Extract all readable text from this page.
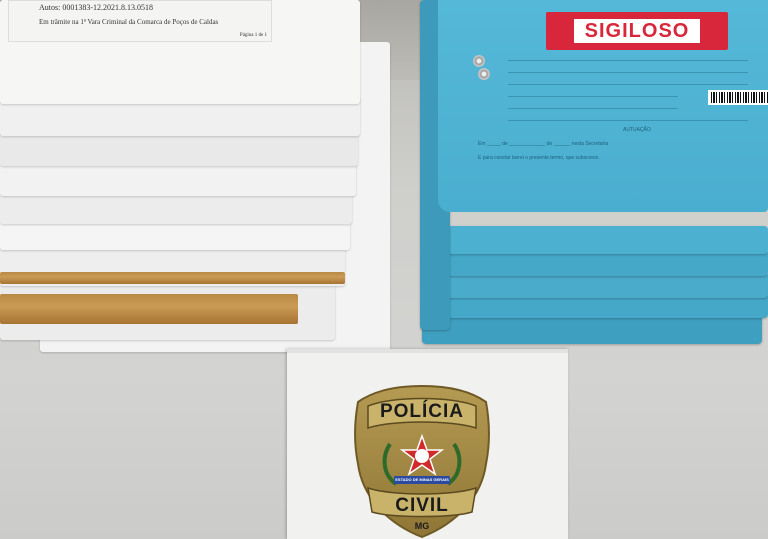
Autos: 0001383-12.2021.8.13.0518
Em trâmite na 1ª Vara Criminal da Comarca de Poços de Caldas
Página 1 de 1
AUTUAÇÃO
Em _____ de _____________ de ______ nesta Secretaria
E para constar lavrei o presente termo, que subscrevo.
SIGILOSO
POLÍCIA
ESTADO DE MINAS GERAIS
CIVIL
MG
